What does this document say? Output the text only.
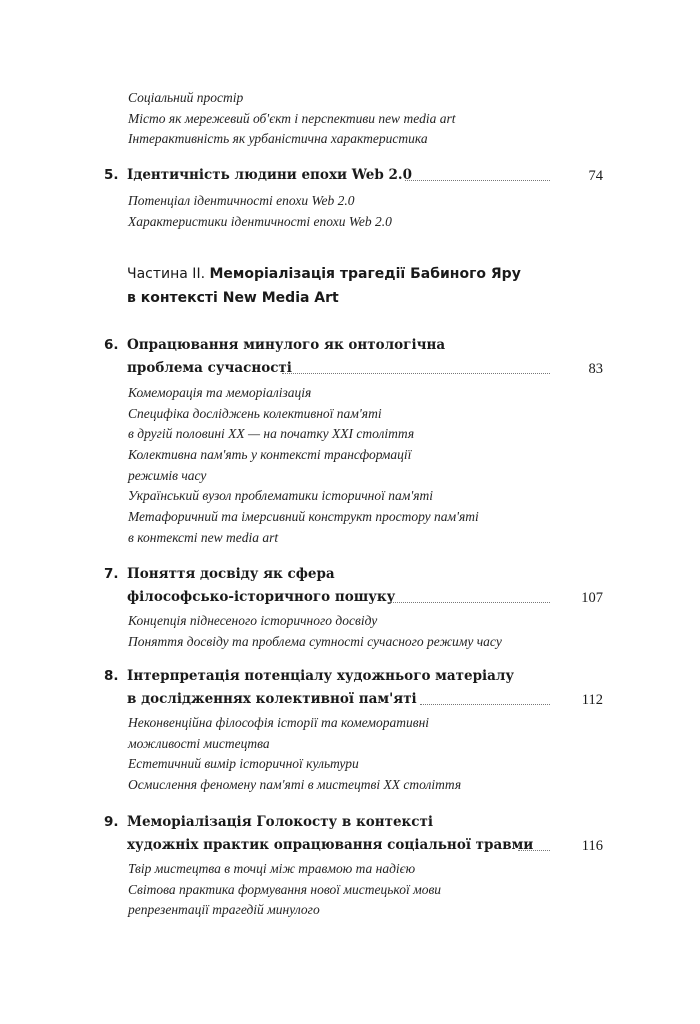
Соціальний простір
Місто як мережевий об'єкт і перспективи new media art
Інтерактивність як урбаністична характеристика
5. Ідентичність людини епохи Web 2.0	74
Потенціал ідентичності епохи Web 2.0
Характеристики ідентичності епохи Web 2.0
Частина ІІ. Меморіалізація трагедії Бабиного Яру
в контексті New Media Art
6. Опрацювання минулого як онтологічна
проблема сучасності	83
Комеморація та меморіалізація
Специфіка досліджень колективної пам'яті
в другій половині XX — на початку XXI століття
Колективна пам'ять у контексті трансформації
режимів часу
Український вузол проблематики історичної пам'яті
Метафоричний та імерсивний конструкт простору пам'яті
в контексті new media art
7. Поняття досвіду як сфера
філософсько-історичного пошуку	107
Концепція піднесеного історичного досвіду
Поняття досвіду та проблема сутності сучасного режиму часу
8. Інтерпретація потенціалу художнього матеріалу
в дослідженнях колективної пам'яті	112
Неконвенційна філософія історії та комеморативні
можливості мистецтва
Естетичний вимір історичної культури
Осмислення феномену пам'яті в мистецтві XX століття
9. Меморіалізація Голокосту в контексті
художніх практик опрацювання соціальної травми	116
Твір мистецтва в точці між травмою та надією
Світова практика формування нової мистецької мови
репрезентації трагедій минулого
